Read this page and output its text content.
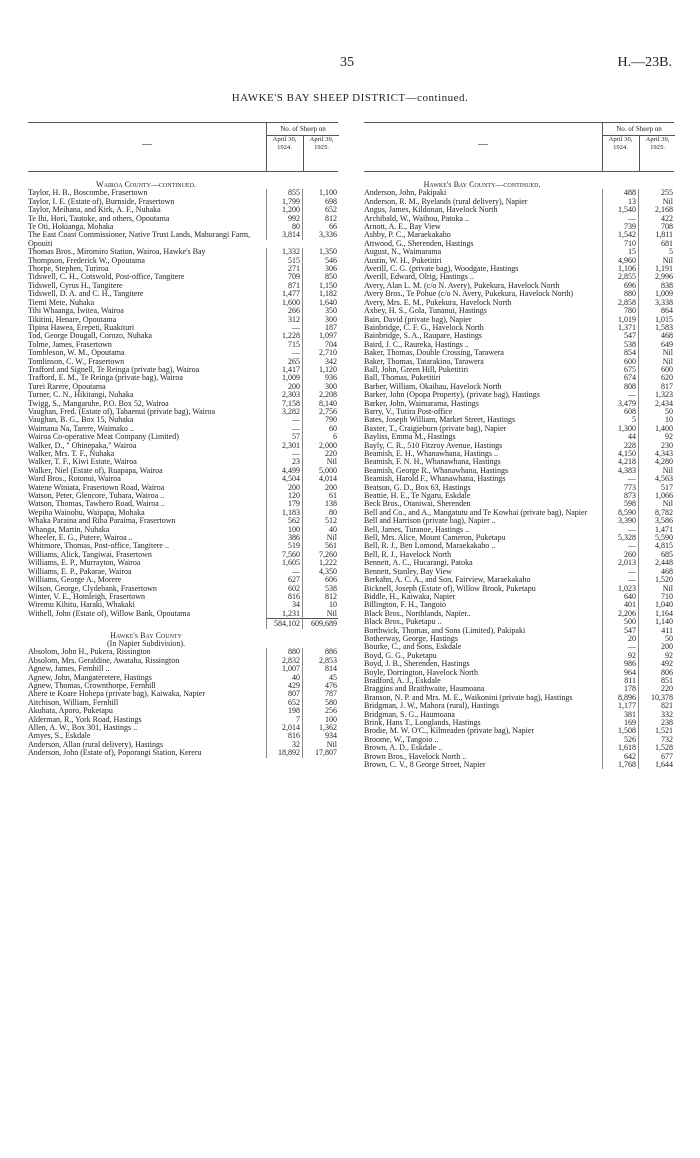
35	H.—23B.
HAWKE'S BAY SHEEP DISTRICT—continued.
—
No. of Sheep on
April 30, 1924.
April 30, 1925.
Wairoa County—continued.
Taylor, H. B., Boscombe, Frasertown	855	1,100
Taylor, I. E. (Estate of), Burnside, Frasertown	1,799	698
Taylor, Meihana, and Kirk, A. F., Nuhaka	1,200	652
Te Ihi, Hori, Tautoke, and others, Opoutama	992	812
Te Oti, Hokianga, Mohaka	80	66
The East Coast Commissioner, Native Trust Lands, Mahurangi Farm, Opouiti
3,814	3,336
Thomas Bros., Miromiro Station, Wairoa, Hawke's Bay	1,332	1,350
Thompson, Frederick W., Opoutama	515	546
Thorpe, Stephen, Turiroa	271	306
Tidswell, C. H., Cotswold, Post-office, Tangitere	709	850
Tidswell, Cyrus H., Tangitere	871	1,150
Tidswell, D. A. and C. H., Tangitere	1,477	1,182
Tiemi Mete, Nuhaka	1,600	1,640
Tihi Whaanga, Iwitea, Wairoa	266	350
Tikitini, Henare, Opoutama	312	300
Tipina Hawea, Erepeti, Ruakituri	—	187
Tod, George Dougall, Corozo, Nuhaka	1,228	1,097
Tolme, James, Frasertown	715	704
Tombleson, W. M., Opoutama	—	2,710
Tomlinson, C. W., Frasertown	265	342
Trafford and Signell, Te Reinga (private bag), Wairoa	1,417	1,120
Trafford, E. M., Te Reinga (private bag), Wairoa	1,009	936
Turei Rarere, Opoutama	200	300
Turner, C. N., Hikitangi, Nuhaka	2,303	2,208
Twigg, S., Mangaruhe, P.O. Box 52, Wairoa	7,158	8,140
Vaughan, Fred. (Estate of), Tahaenui (private bag), Wairoa	3,282	2,756
Vaughan, B. G., Box 15, Nuhaka	—	790
Waimana Na, Tarere, Waimako ..	—	60
Wairoa Co-operative Meat Company (Limited)	57	6
Walker, D., " Ohinepaka," Wairoa	2,301	2,000
Walker, Mrs. T. F., Nuhaka	—	220
Walker, T. F., Kiwi Estate, Wairoa	23	Nil
Walker, Niel (Estate of), Ruapapa, Wairoa	4,499	5,000
Ward Bros., Rotonui, Wairoa	4,504	4,014
Watene Winiata, Frasertown Road, Wairoa	200	200
Watson, Peter, Glencore, Tuhara, Wairoa ..	120	61
Watson, Thomas, Tawhero Road, Wairoa ..	179	138
Wepiha Wainohu, Waipapa, Mohaka	1,183	80
Whaka Paraina and Riha Paraima, Frasertown	562	512
Whanga, Martin, Nuhaka	100	40
Wheeler, E. G., Putere, Wairoa ..	386	Nil
Whitmore, Thomas, Post-office, Tangitere ..	519	561
Williams, Alick, Tangiwai, Frasertown	7,560	7,260
Williams, E. P., Murrayton, Wairoa	1,605	1,222
Williams, E. P., Pakarae, Wairoa	—	4,350
Williams, George A., Morere	627	606
Wilson, George, Clydebank, Frasertown	602	538
Winter, V. E., Homleigh, Frasertown	816	812
Wiremu Kihitu, Haraki, Whakaki	34	10
Withell, John (Estate of), Willow Bank, Opoutama	1,231	Nil
584,102	609,689
Hawke's Bay County
(In Napier Subdivision).
Absolom, John H., Pukera, Rissington	880	886
Absolom, Mrs. Geraldine, Awataha, Rissington	2,832	2,853
Agnew, James, Fernhill ..	1,007	814
Agnew, John, Mangateretere, Hastings	40	45
Agnew, Thomas, Crownthorpe, Fernhill	429	476
Ahere te Koare Hohepa (private bag), Kaiwaka, Napier	807	787
Aitchison, William, Fernhill	652	580
Akuhata, Aporo, Puketapu	198	256
Alderman, R., York Road, Hastings	7	100
Allen, A. W., Box 301, Hastings ..	2,014	1,362
Amyes, S., Eskdale	816	934
Anderson, Allan (rural delivery), Hastings	32	Nil
Anderson, John (Estate of), Poporangi Station, Kereru	18,892	17,807
—
No. of Sheep on
April 30, 1924.
April 30, 1925.
Hawke's Bay County—continued.
Anderson, John, Pakipaki	488	255
Anderson, R. M., Ryelands (rural delivery), Napier	13	Nil
Angus, James, Kildonan, Havelock North	1,540	2,168
Archibald, W., Waihou, Patoka ..	—	422
Arnott, A. E., Bay View	739	708
Ashby, P. C., Maraekakaho	1,542	1,811
Attwood, G., Sherenden, Hastings	710	681
August, N., Waimarama	15	5
Austin, W. H., Puketitiri	4,960	Nil
Averill, C. G. (private bag), Woodgate, Hastings	1,106	1,191
Averill, Edward, Olrig, Hastings ..	2,855	2,996
Avery, Alan L. M. (c/o N. Avery), Pukekura, Havelock North	696	838
Avery Bros., Te Pohue (c/o N. Avery, Pukekura, Havelock North)	880	1,009
Avery, Mrs. E. M., Pukekura, Havelock North	2,858	3,338
Axbey, H. S., Gola, Tunanui, Hastings	780	864
Bain, David (private bag), Napier	1,019	1,015
Bainbridge, C. F. G., Havelock North	1,371	1,583
Bainbridge, S. A., Raupare, Hastings	547	468
Baird, J. C., Raureka, Hastings ..	538	649
Baker, Thomas, Double Crossing, Tarawera	854	Nil
Baker, Thomas, Tatarakino, Tarawera	600	Nil
Ball, John, Green Hill, Puketitiri	675	600
Ball, Thomas, Puketitiri	674	620
Barber, William, Okaihau, Havelock North	808	817
Barker, John (Opopa Property), (private bag), Hastings	—	1,323
Barker, John, Waimarama, Hastings	3,479	2,434
Barry, V., Tutira Post-office	608	50
Bates, Joseph William, Market Street, Hastings	5	10
Baxter, T., Craigieburn (private bag), Napier	1,300	1,400
Bayliss, Emma M., Hastings	44	92
Bayly, C. R., 510 Fitzroy Avenue, Hastings	228	230
Beamish, E. H., Whanawhana, Hastings ..	4,150	4,343
Beamish, F. N. H., Whanawhana, Hastings	4,218	4,280
Beamish, George R., Whanawhana, Hastings	4,383	Nil
Beamish, Harold F., Whanawhana, Hastings	—	4,563
Beatson, G. D., Box 63, Hastings	773	517
Beattie, H. E., Te Ngaru, Eskdale	873	1,066
Beck Bros., Otaniwai, Sherenden	598	Nil
Bell and Co., and A., Mangatutu and Te Kowhai (private bag), Napier	8,590	8,782
Bell and Harrison (private bag), Napier ..	3,390	3,586
Bell, James, Turanoe, Hastings ..	—	1,471
Bell, Mrs. Alice, Mount Cameron, Puketapu	5,328	5,590
Bell, R. J., Ben Lomond, Maraekakaho ..	—	4,815
Bell, R. J., Havelock North	260	685
Bennett, A. C., Hucarangi, Patoka	2,013	2,448
Bennett, Stanley, Bay View	—	468
Berkahn, A. C. A., and Son, Fairview, Maraekakaho	—	1,520
Bicknell, Joseph (Estate of), Willow Brook, Puketapu	1,023	Nil
Biddle, H., Kaiwaka, Napier	640	710
Billington, F. H., Tangoio	401	1,040
Black Bros., Northlands, Napier..	2,206	1,164
Black Bros., Puketapu ..	500	1,140
Borthwick, Thomas, and Sons (Limited), Pakipaki	547	411
Botherway, George, Hastings	20	50
Bourke, C., and Sons, Eskdale	—	200
Boyd, G. G., Puketapu	92	92
Boyd, J. B., Sherenden, Hastings	986	492
Boyle, Dorrington, Havelock North	964	806
Bradford, A. J., Eskdale	811	851
Braggins and Braithwaite, Haumoana	178	220
Branson, N. P. and Mrs. M. E., Waikonini (private bag), Hastings	8,896	10,378
Bridgman, J. W., Mahora (rural), Hastings	1,177	821
Bridgman, S. G., Haumoana	381	332
Brink, Hans T., Longlands, Hastings	169	238
Brodie, M. W. O'C., Kilmeaden (private bag), Napier	1,508	1,521
Broome, W., Tangoio ..	526	732
Brown, A. D., Eskdale ..	1,618	1,528
Brown Bros., Havelock North ..	642	677
Brown, C. V., 8 George Street, Napier	1,768	1,644
